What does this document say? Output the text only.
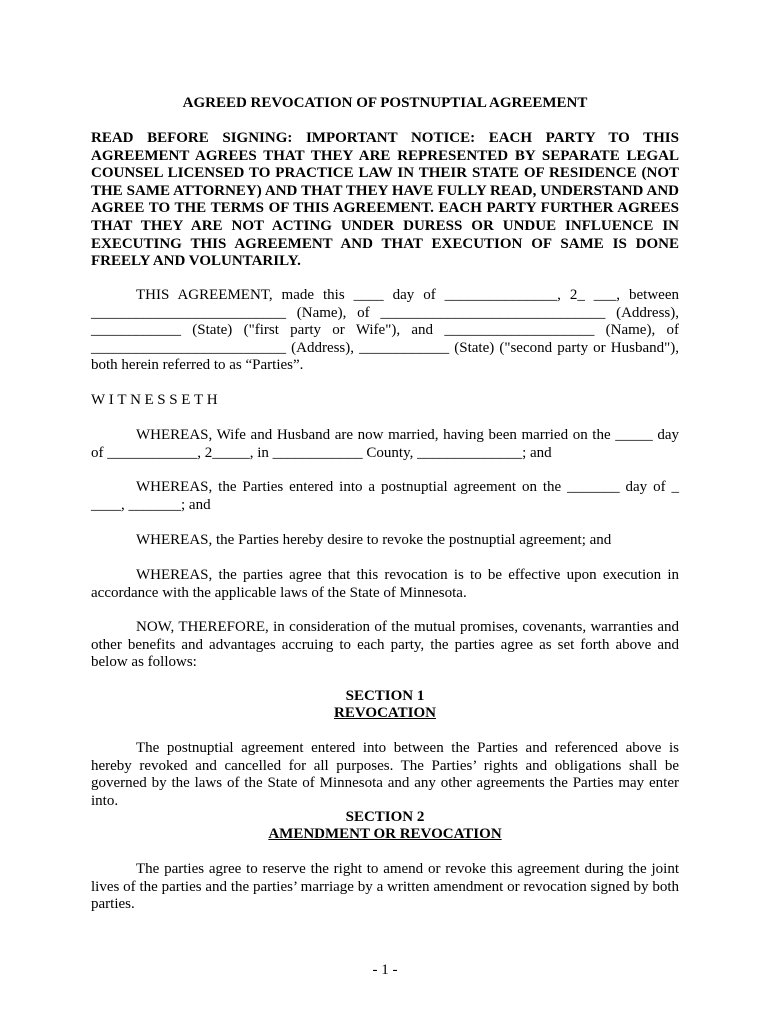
AGREED REVOCATION OF POSTNUPTIAL AGREEMENT

READ BEFORE SIGNING: IMPORTANT NOTICE: EACH PARTY TO THIS AGREEMENT AGREES THAT THEY ARE REPRESENTED BY SEPARATE LEGAL COUNSEL LICENSED TO PRACTICE LAW IN THEIR STATE OF RESIDENCE (NOT THE SAME ATTORNEY) AND THAT THEY HAVE FULLY READ, UNDERSTAND AND AGREE TO THE TERMS OF THIS AGREEMENT. EACH PARTY FURTHER AGREES THAT THEY ARE NOT ACTING UNDER DURESS OR UNDUE INFLUENCE IN EXECUTING THIS AGREEMENT AND THAT EXECUTION OF SAME IS DONE FREELY AND VOLUNTARILY.

THIS AGREEMENT, made this ____ day of _______________, 2_ ___, between __________________________ (Name), of ______________________________ (Address), ____________ (State) ("first party or Wife"), and ____________________ (Name), of __________________________ (Address), ____________ (State) ("second party or Husband"), both herein referred to as “Parties”.

WITNESSETH

WHEREAS, Wife and Husband are now married, having been married on the _____ day of ____________, 2_____, in ____________ County, ______________; and

WHEREAS, the Parties entered into a postnuptial agreement on the _______ day of _ ____, _______; and

WHEREAS, the Parties hereby desire to revoke the postnuptial agreement; and

WHEREAS, the parties agree that this revocation is to be effective upon execution in accordance with the applicable laws of the State of Minnesota.

NOW, THEREFORE, in consideration of the mutual promises, covenants, warranties and other benefits and advantages accruing to each party, the parties agree as set forth above and below as follows:

SECTION 1

REVOCATION

The postnuptial agreement entered into between the Parties and referenced above is hereby revoked and cancelled for all purposes. The Parties’ rights and obligations shall be governed by the laws of the State of Minnesota and any other agreements the Parties may enter into.

SECTION 2

AMENDMENT OR REVOCATION

The parties agree to reserve the right to amend or revoke this agreement during the joint lives of the parties and the parties’ marriage by a written amendment or revocation signed by both parties.

- 1 -
